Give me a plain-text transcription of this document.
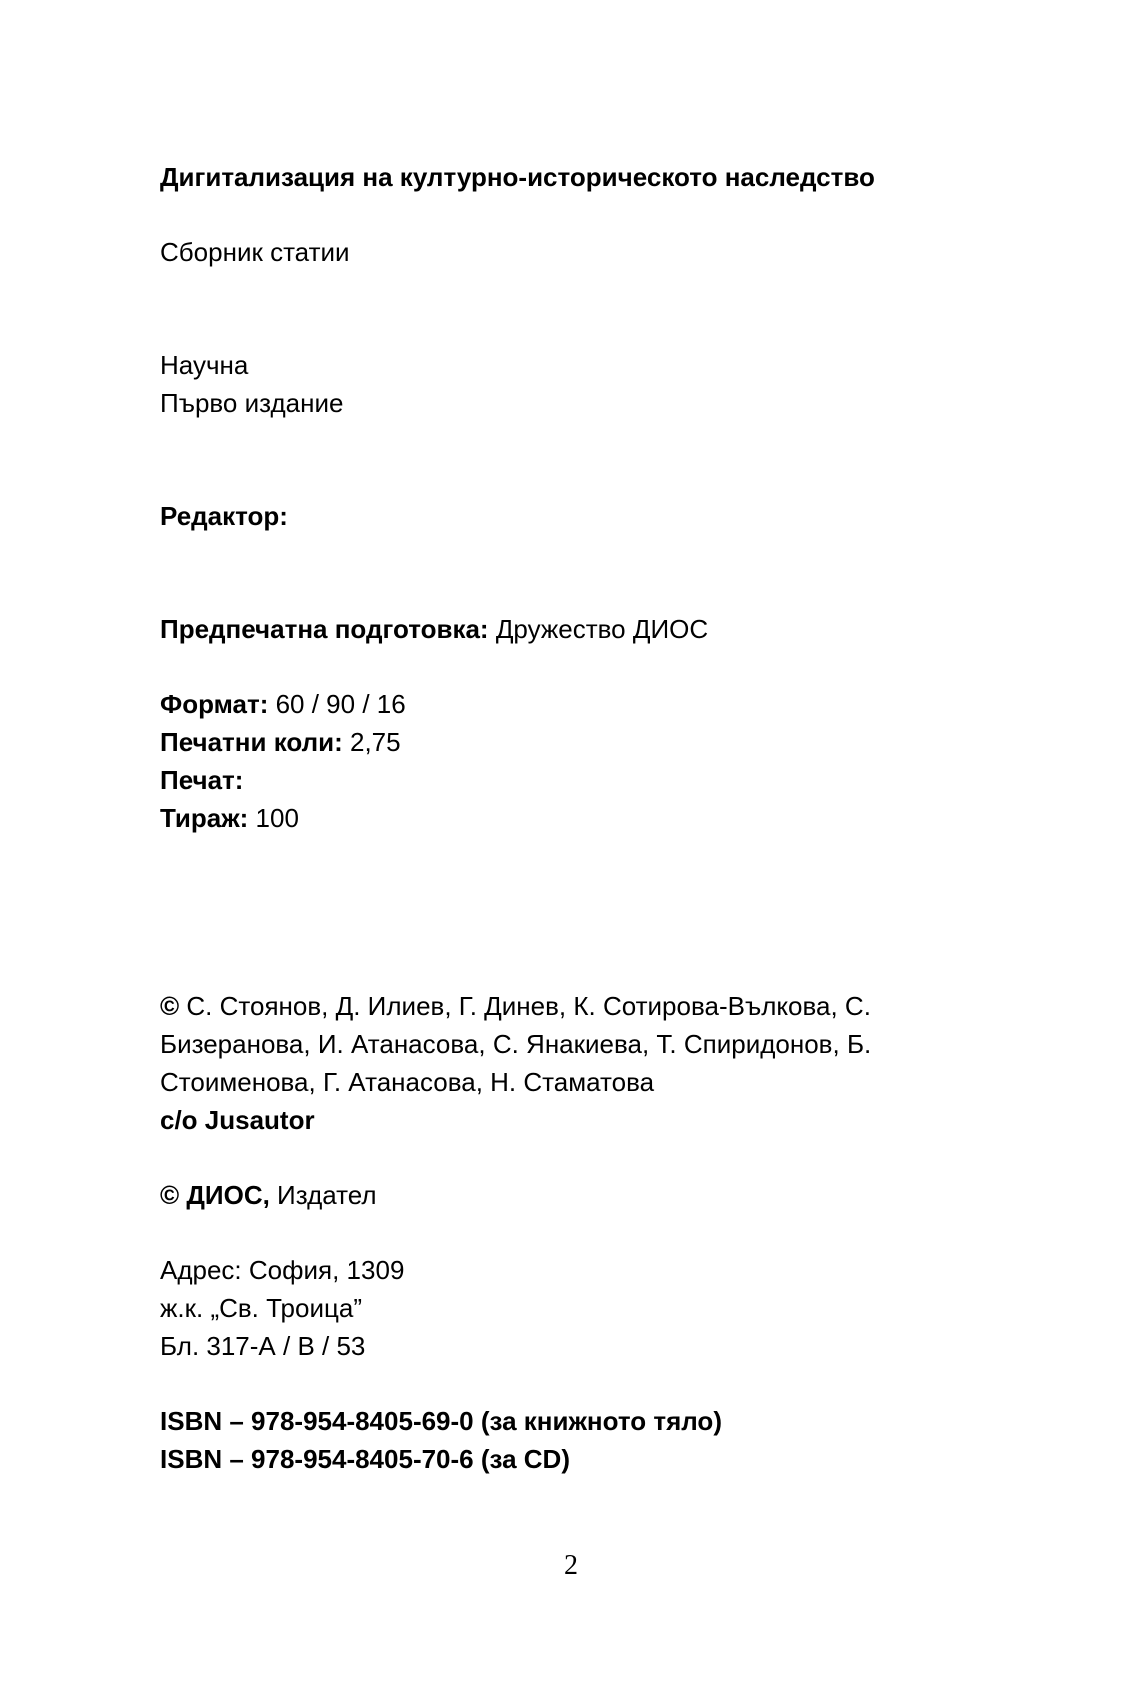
Дигитализация на културно-историческото наследство
Сборник статии
Научна
Първо издание
Редактор:
Предпечатна подготовка: Дружество ДИОС
Формат: 60 / 90 / 16
Печатни коли: 2,75
Печат:
Тираж: 100
© С. Стоянов, Д. Илиев, Г. Динев, К. Сотирова-Вълкова, С.
Бизеранова, И. Атанасова, С. Янакиева, Т. Спиридонов, Б.
Стоименова, Г. Атанасова, Н. Стаматова
c/o Jusautor
© ДИОС, Издател
Адрес: София, 1309
ж.к. „Св. Троица”
Бл. 317-А / В / 53
ISBN – 978-954-8405-69-0 (за книжното тяло)
ISBN – 978-954-8405-70-6 (за CD)
2
